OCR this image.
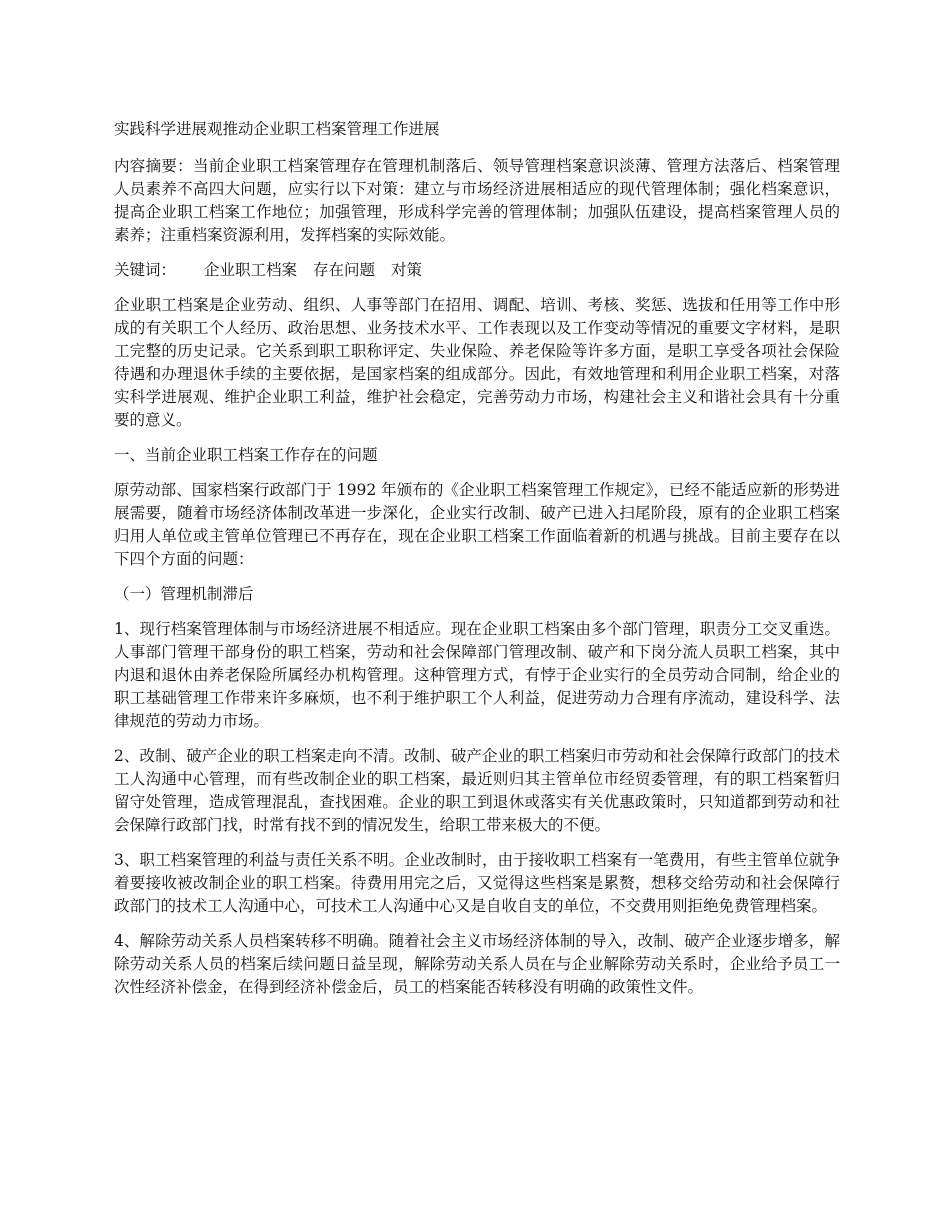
实践科学进展观推动企业职工档案管理工作进展

内容摘要：当前企业职工档案管理存在管理机制落后、领导管理档案意识淡薄、管理方法落后、档案管理人员素养不高四大问题，应实行以下对策：建立与市场经济进展相适应的现代管理体制；强化档案意识，提高企业职工档案工作地位；加强管理，形成科学完善的管理体制；加强队伍建设，提高档案管理人员的素养；注重档案资源利用，发挥档案的实际效能。

关键词： 企业职工档案 存在问题 对策

企业职工档案是企业劳动、组织、人事等部门在招用、调配、培训、考核、奖惩、选拔和任用等工作中形成的有关职工个人经历、政治思想、业务技术水平、工作表现以及工作变动等情况的重要文字材料，是职工完整的历史记录。它关系到职工职称评定、失业保险、养老保险等许多方面，是职工享受各项社会保险待遇和办理退休手续的主要依据，是国家档案的组成部分。因此，有效地管理和利用企业职工档案，对落实科学进展观、维护企业职工利益，维护社会稳定，完善劳动力市场，构建社会主义和谐社会具有十分重要的意义。

一、当前企业职工档案工作存在的问题

原劳动部、国家档案行政部门于 1992 年颁布的《企业职工档案管理工作规定》，已经不能适应新的形势进展需要，随着市场经济体制改革进一步深化，企业实行改制、破产已进入扫尾阶段，原有的企业职工档案归用人单位或主管单位管理已不再存在，现在企业职工档案工作面临着新的机遇与挑战。目前主要存在以下四个方面的问题：

（一）管理机制滞后

1、现行档案管理体制与市场经济进展不相适应。现在企业职工档案由多个部门管理，职责分工交叉重迭。人事部门管理干部身份的职工档案，劳动和社会保障部门管理改制、破产和下岗分流人员职工档案，其中内退和退休由养老保险所属经办机构管理。这种管理方式，有悖于企业实行的全员劳动合同制，给企业的职工基础管理工作带来许多麻烦，也不利于维护职工个人利益，促进劳动力合理有序流动，建设科学、法律规范的劳动力市场。

2、改制、破产企业的职工档案走向不清。改制、破产企业的职工档案归市劳动和社会保障行政部门的技术工人沟通中心管理，而有些改制企业的职工档案，最近则归其主管单位市经贸委管理，有的职工档案暂归留守处管理，造成管理混乱，查找困难。企业的职工到退休或落实有关优惠政策时，只知道都到劳动和社会保障行政部门找，时常有找不到的情况发生，给职工带来极大的不便。

3、职工档案管理的利益与责任关系不明。企业改制时，由于接收职工档案有一笔费用，有些主管单位就争着要接收被改制企业的职工档案。待费用用完之后，又觉得这些档案是累赘，想移交给劳动和社会保障行政部门的技术工人沟通中心，可技术工人沟通中心又是自收自支的单位，不交费用则拒绝免费管理档案。

4、解除劳动关系人员档案转移不明确。随着社会主义市场经济体制的导入，改制、破产企业逐步增多，解除劳动关系人员的档案后续问题日益呈现，解除劳动关系人员在与企业解除劳动关系时，企业给予员工一次性经济补偿金，在得到经济补偿金后，员工的档案能否转移没有明确的政策性文件。
